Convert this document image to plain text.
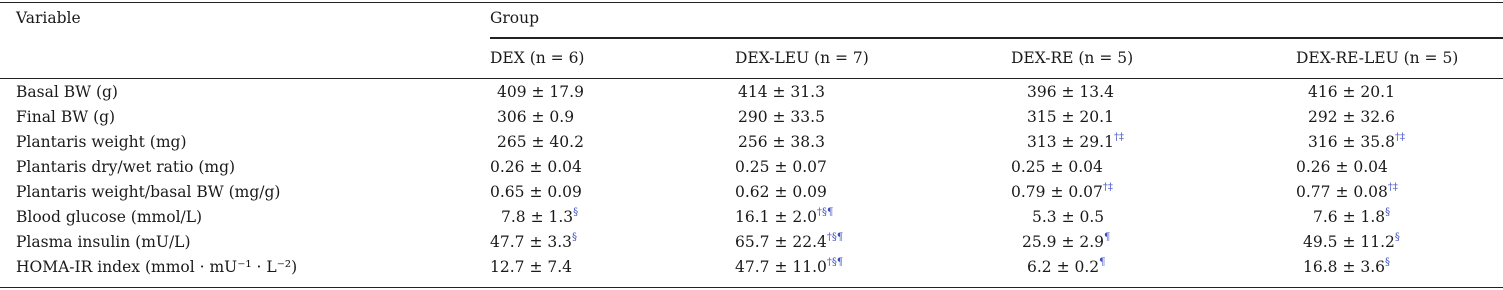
Variable	Group
DEX (n = 6)	DEX-LEU (n = 7)	DEX-RE (n = 5)	DEX-RE-LEU (n = 5)
Basal BW (g)	409 ± 17.9	414 ± 31.3	396 ± 13.4	416 ± 20.1
Final BW (g)	306 ± 0.9	290 ± 33.5	315 ± 20.1	292 ± 32.6
Plantaris weight (mg)	265 ± 40.2	256 ± 38.3	313 ± 29.1†‡	316 ± 35.8†‡
Plantaris dry/wet ratio (mg)	0.26 ± 0.04	0.25 ± 0.07	0.25 ± 0.04	0.26 ± 0.04
Plantaris weight/basal BW (mg/g)	0.65 ± 0.09	0.62 ± 0.09	0.79 ± 0.07†‡	0.77 ± 0.08†‡
Blood glucose (mmol/L)	7.8 ± 1.3§	16.1 ± 2.0†§¶	5.3 ± 0.5	7.6 ± 1.8§
Plasma insulin (mU/L)	47.7 ± 3.3§	65.7 ± 22.4†§¶	25.9 ± 2.9¶	49.5 ± 11.2§
HOMA-IR index (mmol · mU⁻¹ · L⁻²)	12.7 ± 7.4	47.7 ± 11.0†§¶	6.2 ± 0.2¶	16.8 ± 3.6§
